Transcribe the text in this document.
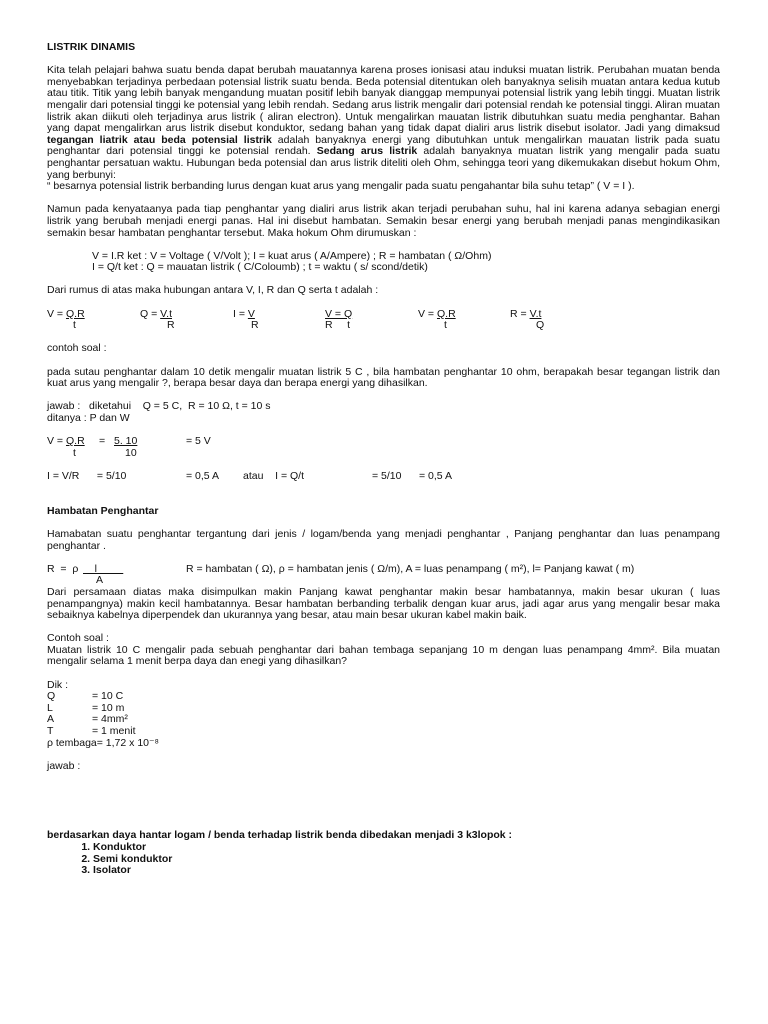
LISTRIK DINAMIS

Kita telah pelajari bahwa suatu benda dapat berubah mauatannya karena proses ionisasi atau induksi muatan listrik. Perubahan muatan benda menyebabkan terjadinya perbedaan potensial listrik suatu benda. Beda potensial ditentukan oleh banyaknya selisih muatan antara kedua kutub atau titik. Titik yang lebih banyak mengandung muatan positif lebih banyak dianggap mempunyai potensial listrik yang lebih tinggi. Muatan listrik mengalir dari potensial tinggi ke potensial yang lebih rendah. Sedang arus listrik mengalir dari potensial rendah ke potensial tinggi. Aliran muatan listrik akan diikuti oleh terjadinya arus listrik ( aliran electron). Untuk mengalirkan mauatan listrik dibutuhkan suatu media penghantar. Bahan yang dapat mengalirkan arus listrik disebut konduktor, sedang bahan yang tidak dapat dialiri arus listrik disebut isolator. Jadi yang dimaksud tegangan liatrik atau beda potensial listrik adalah banyaknya energi yang dibutuhkan untuk mengalirkan mauatan listrik pada suatu penghantar dari potensial tinggi ke potensial rendah. Sedang arus listrik adalah banyaknya muatan listrik yang mengalir pada suatu penghantar persatuan waktu. Hubungan beda potensial dan arus listrik diteliti oleh Ohm, sehingga teori yang dikemukakan disebut hokum Ohm, yang berbunyi:

“ besarnya potensial listrik berbanding lurus dengan kuat arus yang mengalir pada suatu pengahantar bila suhu tetap” ( V = I ).

Namun pada kenyataanya pada tiap penghantar yang dialiri arus listrik akan terjadi perubahan suhu, hal ini karena adanya sebagian energi listrik yang berubah menjadi energi panas. Hal ini disebut hambatan. Semakin besar energi yang berubah menjadi panas mengindikasikan semakin besar hambatan penghantar tersebut. Maka hokum Ohm dirumuskan :

V = I.R ket : V = Voltage ( V/Volt ); I = kuat arus ( A/Ampere) ; R = hambatan ( Ω/Ohm)

I = Q/t ket : Q = mauatan listrik ( C/Coloumb) ; t = waktu ( s/ scond/detik)

Dari rumus di atas maka hubungan antara V, I, R dan Q serta t adalah :

V = Q.R
t
Q = V.t
R
I = V
R
$\frac{V = Q}{\text{R     t}}$	V = Q.R
t
R = V.t
Q

contoh soal :

pada sutau penghantar dalam 10 detik mengalir muatan listrik 5 C , bila hambatan penghantar 10 ohm, berapakah besar tegangan listrik dan kuat arus yang mengalir ?, berapa besar daya dan berapa energi yang dihasilkan.

jawab :   diketahui    Q = 5 C,  R = 10 Ω, t = 10 s

ditanya : P dan W

V = Q.R
t
= $\frac{5. 10}{10}$	= 5 V
I = V/R      = 5/10	= 0,5 A atau    I = Q/t	= 5/10      = 0,5 A

Hambatan Penghantar

Hamabatan suatu penghantar tergantung dari jenis / logam/benda yang menjadi penghantar , Panjang penghantar dan luas penampang penghantar .

R  =  ρ $\frac{l}{A}$	R = hambatan ( Ω), ρ = hambatan jenis ( Ω/m), A = luas penampang ( m²), l= Panjang kawat ( m)

Dari persamaan diatas maka disimpulkan makin Panjang kawat penghantar makin besar hambatannya, makin besar ukuran ( luas penampangnya) makin kecil hambatannya. Besar hambatan berbanding terbalik dengan kuar arus, jadi agar arus yang mengalir besar maka sebaiknya kabelnya diperpendek dan ukurannya yang besar, atau main besar ukuran kabel makin baik.

Contoh soal :

Muatan listrik 10 C mengalir pada sebuah penghantar dari bahan tembaga sepanjang 10 m dengan luas penampang 4mm². Bila muatan mengalir selama 1 menit berpa daya dan enegi yang dihasilkan?

Dik :

Q	= 10 C
L	= 10 m
A	= 4mm²
T	= 1 menit

ρ tembaga= 1,72 x 10⁻⁸

jawab :

berdasarkan daya hantar logam / benda terhadap listrik benda dibedakan menjadi 3 k3lopok :

1. Konduktor
2. Semi konduktor
3. Isolator
